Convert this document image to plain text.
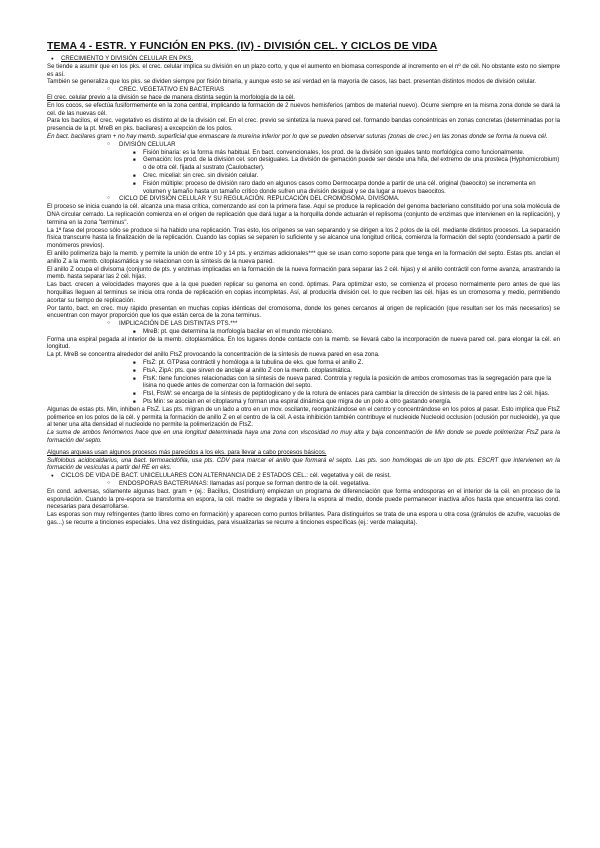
TEMA 4 - ESTR. Y FUNCIÓN EN PKS. (IV) - DIVISIÓN CEL. Y CICLOS DE VIDA
● CRECIMIENTO Y DIVISIÓN CELULAR EN PKS.
Se tiende a asumir que en los pks. el crec. celular implica su división en un plazo corto, y que el aumento en biomasa corresponde al incremento en el nº de cél. No obstante esto no siempre es así.
También se generaliza que los pks. se dividen siempre por fisión binaria, y aunque esto se así verdad en la mayoría de casos, las bact. presentan distintos modos de división celular.
○ CREC. VEGETATIVO EN BACTERIAS
El crec. celular previo a la división se hace de manera distinta según la morfología de la cél.
En los cocos, se efectúa fusiformemente en la zona central, implicando la formación de 2 nuevos hemisferios (ambos de material nuevo). Ocurre siempre en la misma zona donde se dará la cel. de las nuevas cél.
Para los bacilos, el crec. vegetativo es distinto al de la división cel. En el crec. previo se sintetiza la nueva pared cel. formando bandas concéntricas en zonas concretas (determinadas por la presencia de la pt. MreB en pks. bacilares) a excepción de los polos.
En bact. bacilares gram + no hay memb. superficial que enmascare la mureína inferior por lo que se pueden observar suturas (zonas de crec.) en las zonas donde se forma la nueva cél.
○ DIVISIÓN CELULAR
■ Fisión binaria: es la forma más habitual. En bact. convencionales, los prod. de la división son iguales tanto morfológica como funcionalmente.
■ Gemación: los prod. de la división cel. son desiguales. La división de gemación puede ser desde una hifa, del extremo de una prosteca (Hyphomicrobium) o de otra cél. fijada al sustrato (Caulobacter).
■ Crec. micelial: sin crec. sin división celular.
■ Fisión múltiple: proceso de división raro dado en algunos casos como Dermocarpa donde a partir de una cél. original (baeocito) se incrementa en volumen y tamaño hasta un tamaño crítico donde sufren una división desigual y se da lugar a nuevos baeocitos.
○ CICLO DE DIVISIÓN CELULAR Y SU REGULACIÓN. REPLICACIÓN DEL CROMOSOMA. DIVISOMA.
El proceso se inicia cuando la cél. alcanza una masa crítica, comenzando así con la primera fase. Aquí se produce la replicación del genoma bacteriano constituido por una sola molécula de DNA circular cerrado. La replicación comienza en el origen de replicación que dará lugar a la horquilla donde actuarán el replisoma (conjunto de enzimas que intervienen en la replicación), y termina en la zona "terminus".
La 1ª fase del proceso sólo se produce si ha habido una replicación. Tras esto, los orígenes se van separando y se dirigen a los 2 polos de la cél. mediante distintos procesos. La separación física transcurre hasta la finalización de la replicación. Cuando las copias se separen lo suficiente y se alcance una longitud crítica, comienza la formación del septo (condensado a partir de monómeros previos).
El anillo polimeriza bajo la memb. y permite la unión de entre 10 y 14 pts. y enzimas adicionales*** que se usan como soporte para que tenga en la formación del septo. Estas pts. anclan el anillo Z a la memb. citoplasmática y se relacionan con la síntesis de la nueva pared.
El anillo Z ocupa el divisoma (conjunto de pts. y enzimas implicadas en la formación de la nueva formación para separar las 2 cél. hijas) y el anillo contráctil con forme avanza, arrastrando la memb. hasta separar las 2 cél. hijas.
Las bact. crecen a velocidades mayores que a la que pueden replicar su genoma en cond. óptimas. Para optimizar esto, se comienza el proceso normalmente pero antes de que las horquillas lleguen al terminus se inicia otra ronda de replicación en copias incompletas. Así, al producirla división cel. lo que reciben las cél. hijas es un cromosoma y medio, permitiendo acortar su tiempo de replicación.
Por tanto, bact. en crec. muy rápido presentan en muchas copias idénticas del cromosoma, donde los genes cercanos al origen de replicación (que resultan ser los más necesarios) se encuentran con mayor proporción que los que están cerca de la zona terminus.
○ IMPLICACIÓN DE LAS DISTINTAS PTS.***
■ MreB: pt. que determina la morfología bacilar en el mundo microbiano.
Forma una espiral pegada al interior de la memb. citoplasmática. En los lugares donde contacte con la memb. se llevará cabo la incorporación de nueva pared cel. para elongar la cél. en longitud.
La pt. MreB se concentra alrededor del anillo FtsZ provocando la concentración de la síntesis de nueva pared en esa zona.
■ FtsZ: pt. GTPasa contráctil y homóloga a la tubulina de eks. que forma el anillo Z.
■ FtsA, ZipA: pts. que sirven de anclaje al anillo Z con la memb. citoplasmática.
■ FtsK: tiene funciones relacionadas con la síntesis de nueva pared. Controla y regula la posición de ambos cromosomas tras la segregación para que la lisina no quede antes de comenzar con la formación del septo.
■ FtsI, FtsW: se encarga de la síntesis de peptidoglicano y de la rotura de enlaces para cambiar la dirección de síntesis de la pared entre las 2 cél. hijas.
■ Pts Min: se asocian en el citoplasma y forman una espiral dinámica que migra de un polo a otro gastando energía.
Algunas de estas pts. Min, inhiben a FtsZ. Las pts. migran de un lado a otro en un mov. oscilante, reorganizándose en el centro y concentrándose en los polos al pasar. Esto implica que FtsZ polimerice en los polos de la cél. y permita la formación de anillo Z en el centro de la cél. A esta inhibición también contribuye el nucleoide Nucleoid occlusion (oclusión por nucleoide), ya que al tener una alta densidad el nucleoide no permite la polimerización de FtsZ.
La suma de ambos fenómenos hace que en una longitud determinada haya una zona con viscosidad no muy alta y baja concentración de Min donde se puede polimerizar FtsZ para la formación del septo.
Algunas arqueas usan algunos procesos más parecidos a los eks. para llevar a cabo procesos básicos.
Sulfolobus acidocaldarius, una bact. termoacidófila, usa pts. CDV para marcar el anillo que formará el septo. Las pts. son homólogas de un tipo de pts. ESCRT que intervienen en la formación de vesículas a partir del RE en eks.
● CICLOS DE VIDA DE BACT. UNICELULARES CON ALTERNANCIA DE 2 ESTADOS CEL.: cél. vegetativa y cél. de resist.
○ ENDOSPORAS BACTERIANAS: llamadas así porque se forman dentro de la cél. vegetativa.
En cond. adversas, sólamente algunas bact. gram + (ej.: Bacillus, Clostridium) empiezan un programa de diferenciación que forma endosporas en el interior de la cél. en proceso de la esporulación. Cuando la pre-espora se transforma en espora, la cél. madre se degrada y libera la espora al medio, donde puede permanecer inactiva años hasta que encuentra las cond. necesarias para desarrollarse.
Las esporas son muy refringentes (tanto libres como en formación) y aparecen como puntos brillantes. Para distinguirlos se trata de una espora u otra cosa (gránulos de azufre, vacuolas de gas...) se recurre a tinciones especiales. Una vez distinguidas, para visualizarlas se recurre a tinciones específicas (ej.: verde malaquita).
